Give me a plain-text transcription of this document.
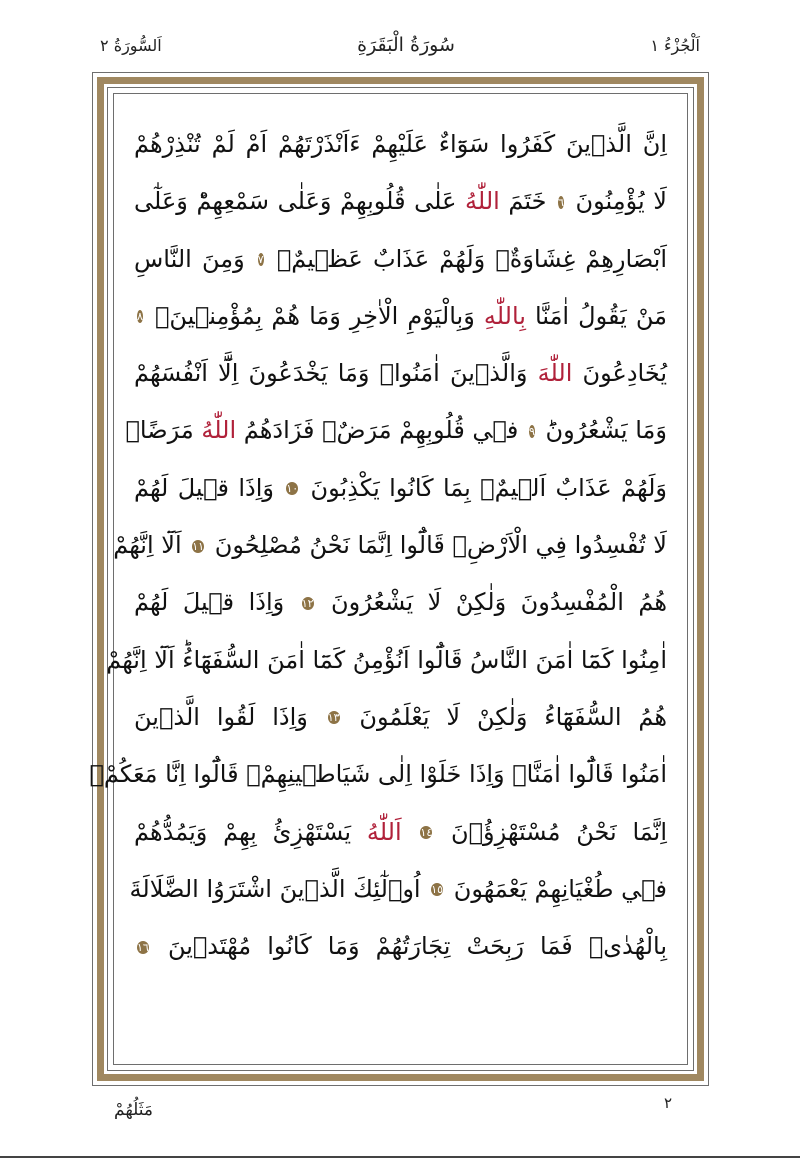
اَلْجُزْءُ ١
سُورَةُ الْبَقَرَةِ
اَلسُّورَةُ ٢
اِنَّ الَّذٖينَ كَفَرُوا سَوَٓاءٌ عَلَيْهِمْ ءَاَنْذَرْتَهُمْ اَمْ لَمْ تُنْذِرْهُمْ
لَا يُؤْمِنُونَ ٦ خَتَمَ اللّٰهُ عَلٰى قُلُوبِهِمْ وَعَلٰى سَمْعِهِمْؕ وَعَلٰٓى
اَبْصَارِهِمْ غِشَاوَةٌۘ وَلَهُمْ عَذَابٌ عَظٖيمٌ۟ ٧ وَمِنَ النَّاسِ
مَنْ يَقُولُ اٰمَنَّا بِاللّٰهِ وَبِالْيَوْمِ الْاٰخِرِ وَمَا هُمْ بِمُؤْمِنٖينَۢ ٨
يُخَادِعُونَ اللّٰهَ وَالَّذٖينَ اٰمَنُواۚ وَمَا يَخْدَعُونَ اِلَّٓا اَنْفُسَهُمْ
وَمَا يَشْعُرُونَؕ ٩ فٖي قُلُوبِهِمْ مَرَضٌۙ فَزَادَهُمُ اللّٰهُ مَرَضًاۚ
وَلَهُمْ عَذَابٌ اَلٖيمٌۙ بِمَا كَانُوا يَكْذِبُونَ ١٠ وَاِذَا قٖيلَ لَهُمْ
لَا تُفْسِدُوا فِي الْاَرْضِۙ قَالُٓوا اِنَّمَا نَحْنُ مُصْلِحُونَ ١١ اَلَٓا اِنَّهُمْ
هُمُ الْمُفْسِدُونَ وَلٰكِنْ لَا يَشْعُرُونَ ١٢ وَاِذَا قٖيلَ لَهُمْ
اٰمِنُوا كَمَٓا اٰمَنَ النَّاسُ قَالُٓوا اَنُؤْمِنُ كَمَٓا اٰمَنَ السُّفَهَٓاءُؕ اَلَٓا اِنَّهُمْ
هُمُ السُّفَهَٓاءُ وَلٰكِنْ لَا يَعْلَمُونَ ١٣ وَاِذَا لَقُوا الَّذٖينَ
اٰمَنُوا قَالُٓوا اٰمَنَّاۚ وَاِذَا خَلَوْا اِلٰى شَيَاطٖينِهِمْۙ قَالُٓوا اِنَّا مَعَكُمْۙ
اِنَّمَا نَحْنُ مُسْتَهْزِؤُ۫نَ ١٤ اَللّٰهُ يَسْتَهْزِئُ بِهِمْ وَيَمُدُّهُمْ
فٖي طُغْيَانِهِمْ يَعْمَهُونَ ١٥ اُو۬لٰٓئِكَ الَّذٖينَ اشْتَرَوُا الضَّلَالَةَ
بِالْهُدٰىۖ فَمَا رَبِحَتْ تِجَارَتُهُمْ وَمَا كَانُوا مُهْتَدٖينَ ١٦
٢
مَثَلُهُمْ
